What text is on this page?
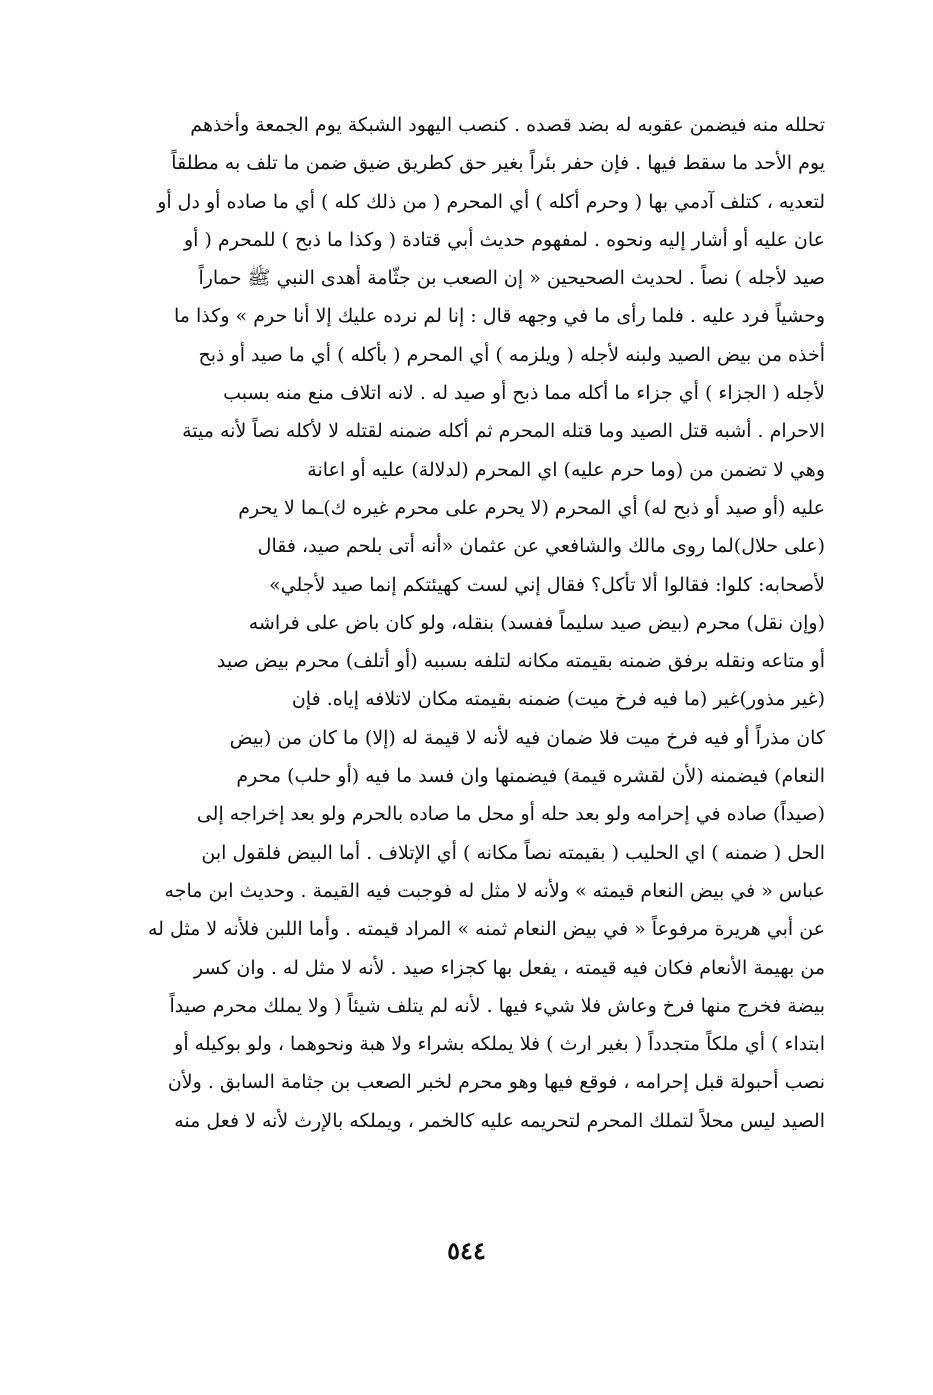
تحلله منه فيضمن عقوبه له بضد قصده . كنصب اليهود الشبكة يوم الجمعة وأخذهم
يوم الأحد ما سقط فيها . فإن حفر بئراً بغير حق كطريق ضيق ضمن ما تلف به مطلقاً
لتعديه ، كتلف آدمي بها ( وحرم أكله ) أي المحرم ( من ذلك كله ) أي ما صاده أو دل أو
عان عليه أو أشار إليه ونحوه . لمفهوم حديث أبي قتادة ( وكذا ما ذبح ) للمحرم ( أو
صيد لأجله ) نصاً . لحديث الصحيحين « إن الصعب بن جثّامة أهدى النبي ﷺ حماراً
وحشياً فرد عليه . فلما رأى ما في وجهه قال : إنا لم نرده عليك إلا أنا حرم » وكذا ما
أخذه من بيض الصيد ولبنه لأجله ( ويلزمه ) أي المحرم ( بأكله ) أي ما صيد أو ذبح
لأجله ( الجزاء ) أي جزاء ما أكله مما ذبح أو صيد له . لانه اتلاف منع منه بسبب
الاحرام . أشبه قتل الصيد وما قتله المحرم ثم أكله ضمنه لقتله لا لأكله نصاً لأنه ميتة
وهي لا تضمن من (وما حرم عليه) اي المحرم (لدلالة) عليه أو اعانة
عليه (أو صيد أو ذبح له) أي المحرم (لا يحرم على محرم غيره ك)ـما لا يحرم
(على حلال)لما روى مالك والشافعي عن عثمان «أنه أتى بلحم صيد، فقال
لأصحابه: كلوا: فقالوا ألا تأكل؟ فقال إني لست كهيئتكم إنما صيد لأجلي»
(وإن نقل) محرم (بيض صيد سليماً ففسد) بنقله، ولو كان باض على فراشه
أو متاعه ونقله برفق ضمنه بقيمته مكانه لتلفه بسببه (أو أتلف) محرم بيض صيد
(غير مذور)غير (ما فيه فرخ ميت) ضمنه بقيمته مكان لاتلافه إياه. فإن
كان مذراً أو فيه فرخ ميت فلا ضمان فيه لأنه لا قيمة له (إلا) ما كان من (بيض
النعام) فيضمنه (لأن لقشره قيمة) فيضمنها وان فسد ما فيه (أو حلب) محرم
(صيداً) صاده في إحرامه ولو بعد حله أو محل ما صاده بالحرم ولو بعد إخراجه إلى
الحل ( ضمنه ) اي الحليب ( بقيمته نصاً مكانه ) أي الإتلاف . أما البيض فلقول ابن
عباس « في بيض النعام قيمته » ولأنه لا مثل له فوجبت فيه القيمة . وحديث ابن ماجه
عن أبي هريرة مرفوعاً « في بيض النعام ثمنه » المراد قيمته . وأما اللبن فلأنه لا مثل له
من بهيمة الأنعام فكان فيه قيمته ، يفعل بها كجزاء صيد . لأنه لا مثل له . وان كسر
بيضة فخرج منها فرخ وعاش فلا شيء فيها . لأنه لم يتلف شيئاً ( ولا يملك محرم صيداً
ابتداء ) أي ملكاً متجدداً ( بغير ارث ) فلا يملكه بشراء ولا هبة ونحوهما ، ولو بوكيله أو
نصب أحبولة قبل إحرامه ، فوقع فيها وهو محرم لخبر الصعب بن جثامة السابق . ولأن
الصيد ليس محلاً لتملك المحرم لتحريمه عليه كالخمر ، ويملكه بالإرث لأنه لا فعل منه
٥٤٤
